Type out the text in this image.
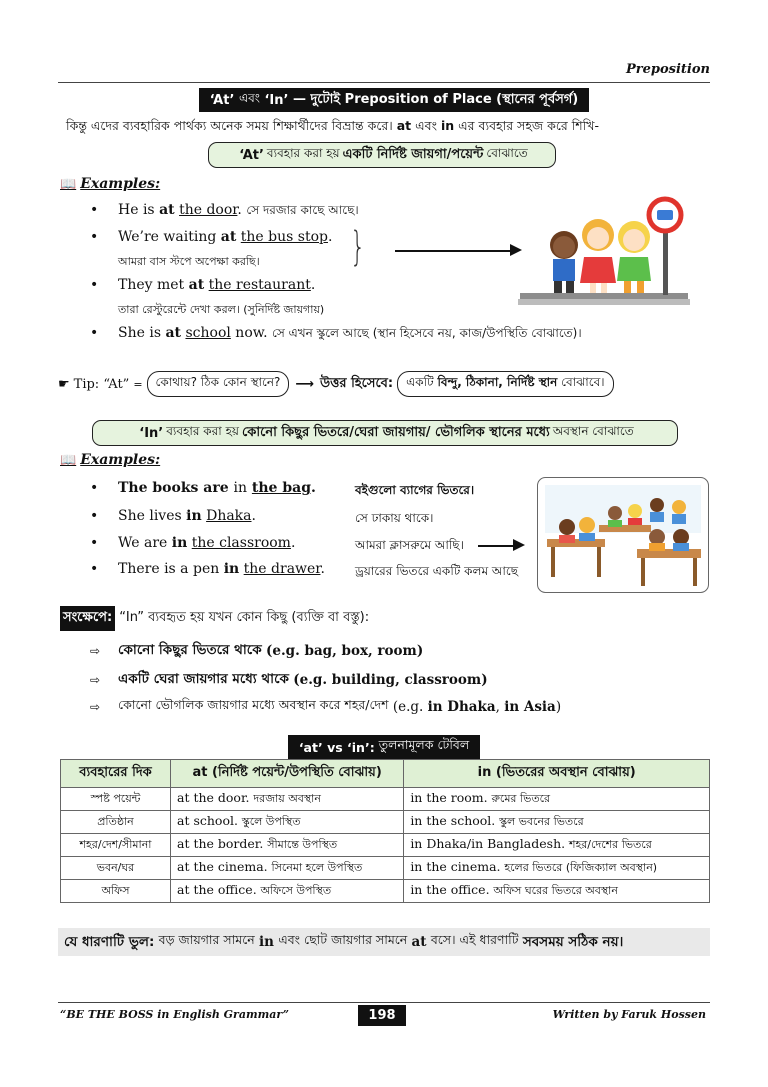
Preposition
‘At’
এবং
‘In’
— দুটোই Preposition of Place (স্থানের পূর্বসর্গ)
কিন্তু এদের ব্যবহারিক পার্থক্য অনেক সময় শিক্ষার্থীদের বিভ্রান্ত করে। at এবং in এর ব্যবহার সহজ করে শিখি-
‘At’ ব্যবহার করা হয় একটি নির্দিষ্ট জায়গা/পয়েন্ট বোঝাতে
📖 Examples:
•	He is at the door.
সে দরজার কাছে আছে।
•	We’re waiting at the bus stop.
আমরা বাস স্টপে অপেক্ষা করছি। }
•	They met at the restaurant.
তারা রেস্টুরেন্টে দেখা করল। (সুনির্দিষ্ট জায়গায়)
•	She is at school now.
সে এখন স্কুলে আছে (স্থান হিসেবে নয়, কাজ/উপস্থিতি বোঝাতে)।
☛ Tip: “At” =	কোথায়? ঠিক কোন স্থানে?	⟶ উত্তর হিসেবে:	একটি বিন্দু, ঠিকানা, নির্দিষ্ট স্থান বোঝাবে।
‘In’ ব্যবহার করা হয় কোনো কিছুর ভিতরে/ঘেরা জায়গায়/ ভৌগলিক স্থানের মধ্যে অবস্থান বোঝাতে
📖 Examples:
•	The books are in the bag.	বইগুলো ব্যাগের ভিতরে।
•	She lives in Dhaka.	সে ঢাকায় থাকে।
•	We are in the classroom.	আমরা ক্লাসরুমে আছি।
•	There is a pen in the drawer.	ড্রয়ারের ভিতরে একটি কলম আছে
সংক্ষেপে: “In” ব্যবহৃত হয় যখন কোন কিছু (ব্যক্তি বা বস্তু):
⇨	কোনো কিছুর ভিতরে থাকে
(e.g. bag, box, room)
⇨	একটি ঘেরা জায়গার মধ্যে থাকে
(e.g. building, classroom)
⇨	কোনো ভৌগলিক জায়গার মধ্যে অবস্থান করে শহর/দেশ
(e.g. in Dhaka, in Asia)
‘at’ vs ‘in’:
তুলনামূলক টেবিল
ব্যবহারের দিক	at (নির্দিষ্ট পয়েন্ট/উপস্থিতি বোঝায়)	in (ভিতরের অবস্থান বোঝায়)
স্পষ্ট পয়েন্ট	at the door. দরজায় অবস্থান	in the room. রুমের ভিতরে
প্রতিষ্ঠান	at school. স্কুলে উপস্থিত	in the school. স্কুল ভবনের ভিতরে
শহর/দেশ/সীমানা	at the border. সীমান্তে উপস্থিত	in Dhaka/in Bangladesh. শহর/দেশের ভিতরে
ভবন/ঘর	at the cinema. সিনেমা হলে উপস্থিত	in the cinema. হলের ভিতরে (ফিজিক্যাল অবস্থান)
অফিস	at the office. অফিসে উপস্থিত	in the office. অফিস ঘরের ভিতরে অবস্থান
যে ধারণাটি ভুল:
বড় জায়গার সামনে
in
এবং ছোট জায়গার সামনে
at
বসে। এই ধারণাটি
সবসময় সঠিক নয়।
“BE THE BOSS in English Grammar”	198	Written by Faruk Hossen
